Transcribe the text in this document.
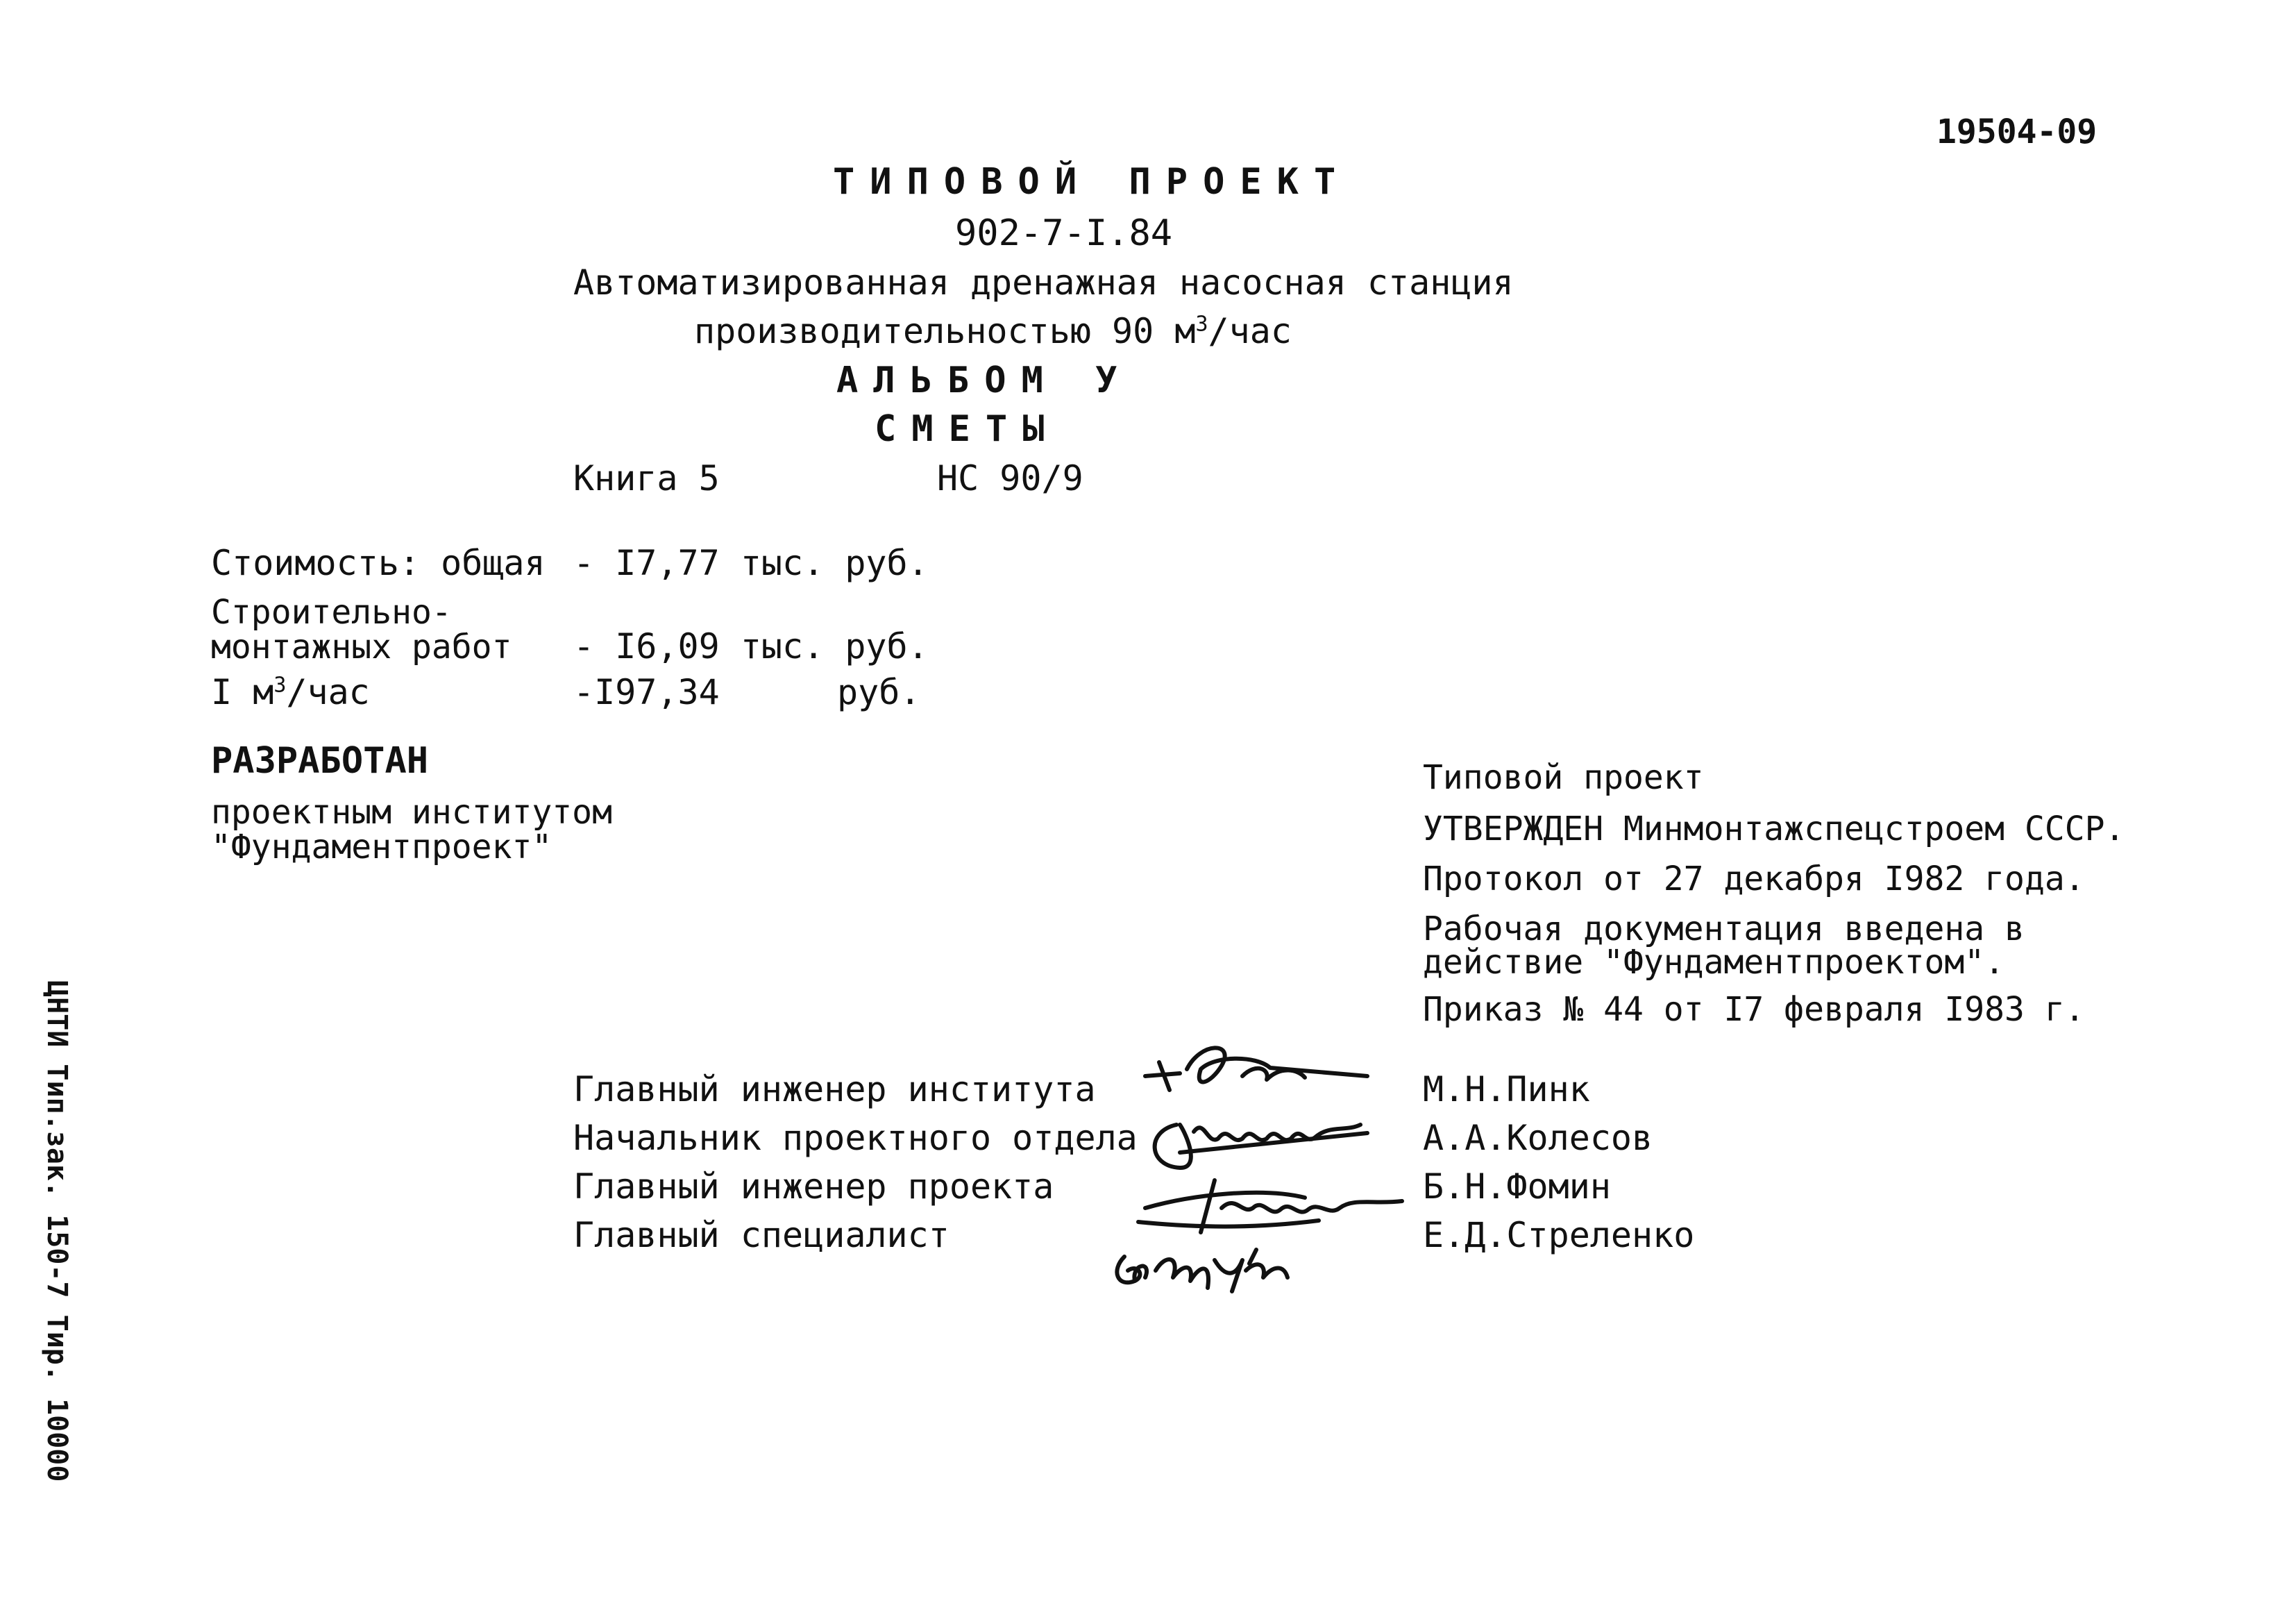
19504-09
ТИПОВОЙ ПРОЕКТ
902-7-I.84
Автоматизированная дренажная насосная станция
производительностью 90 $м^3$/час
АЛЬБОМ У
СМЕТЫ
Книга 5	НС 90/9
Стоимость: общая - I7,77 тыс. руб.
Строительно-
монтажных работ - I6,09 тыс. руб.
I $м^3$/час	-I97,34	руб.
РАЗРАБОТАН
проектным институтом
"Фундаментпроект"
Типовой проект
УТВЕРЖДЕН Минмонтажспецстроем СССР.
Протокол от 27 декабря I982 года.
Рабочая документация введена в
действие "Фундаментпроектом".
Приказ № 44 от I7 февраля I983 г.
Главный инженер института	М.Н.Пинк
Начальник проектного отдела	А.А.Колесов
Главный инженер проекта	Б.Н.Фомин
Главный специалист	Е.Д.Стреленко
ЦНТИ Тип.зак. 150-7 Тир. 10000
